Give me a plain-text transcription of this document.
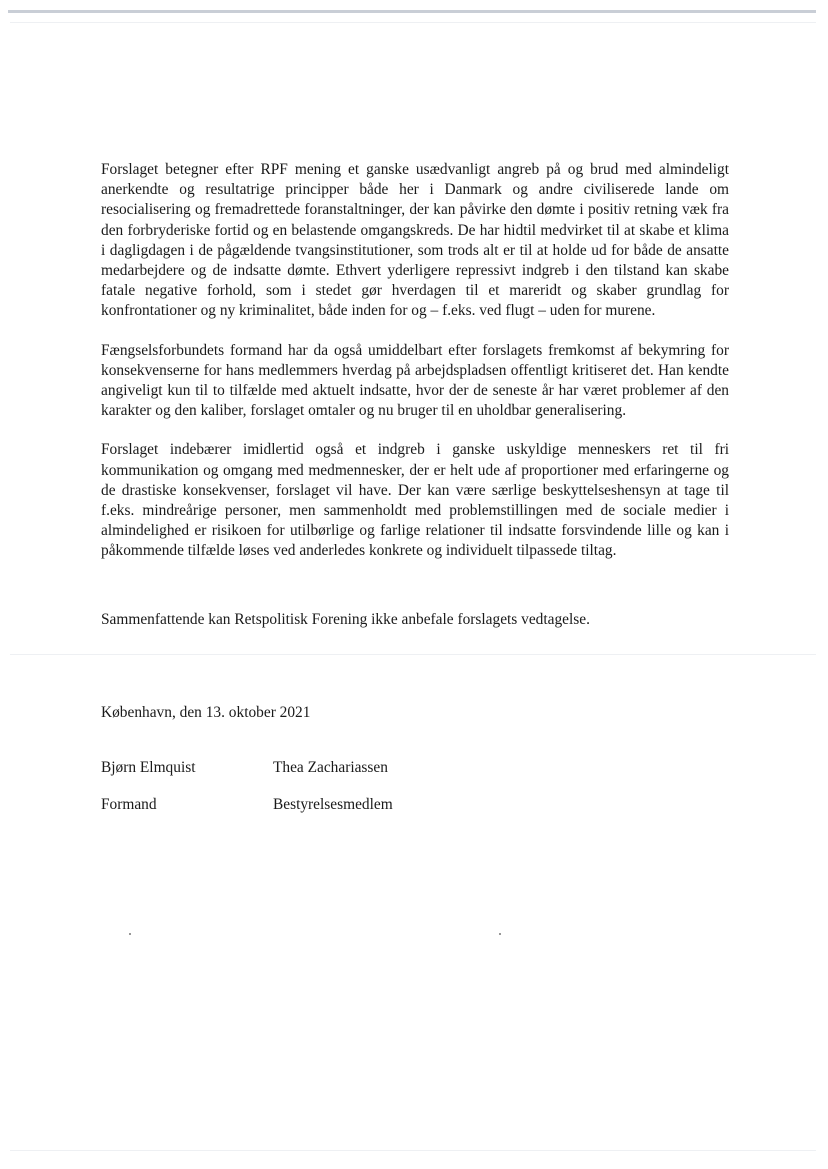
Forslaget betegner efter RPF mening et ganske usædvanligt angreb på og brud med almindeligt anerkendte og resultatrige principper både her i Danmark og andre civiliserede lande om resocialisering og fremadrettede foranstaltninger, der kan påvirke den dømte i positiv retning væk fra den forbryderiske fortid og en belastende omgangskreds. De har hidtil medvirket til at skabe et klima i dagligdagen i de pågældende tvangsinstitutioner, som trods alt er til at holde ud for både de ansatte medarbejdere og de indsatte dømte. Ethvert yderligere repressivt indgreb i den tilstand kan skabe fatale negative forhold, som i stedet gør hverdagen til et mareridt og skaber grundlag for konfrontationer og ny kriminalitet, både inden for og – f.eks. ved flugt – uden for murene.

Fængselsforbundets formand har da også umiddelbart efter forslagets fremkomst af bekymring for konsekvenserne for hans medlemmers hverdag på arbejdspladsen offentligt kritiseret det. Han kendte angiveligt kun til to tilfælde med aktuelt indsatte, hvor der de seneste år har været problemer af den karakter og den kaliber, forslaget omtaler og nu bruger til en uholdbar generalisering.

Forslaget indebærer imidlertid også et indgreb i ganske uskyldige menneskers ret til fri kommunikation og omgang med medmennesker, der er helt ude af proportioner med erfaringerne og de drastiske konsekvenser, forslaget vil have. Der kan være særlige beskyttelseshensyn at tage til f.eks. mindreårige personer, men sammenholdt med problemstillingen med de sociale medier i almindelighed er risikoen for utilbørlige og farlige relationer til indsatte forsvindende lille og kan i påkommende tilfælde løses ved anderledes konkrete og individuelt tilpassede tiltag.

Sammenfattende kan Retspolitisk Forening ikke anbefale forslagets vedtagelse.

København, den 13. oktober 2021

Bjørn Elmquist	Thea Zachariassen

Formand	Bestyrelsesmedlem
